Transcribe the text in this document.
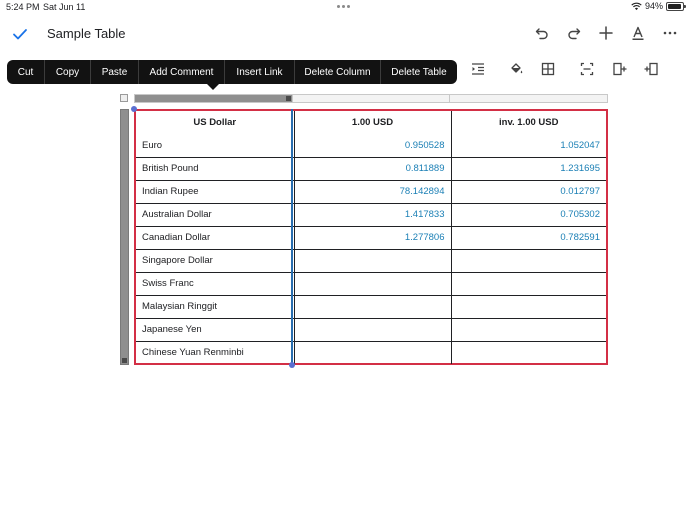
5:24 PM Sat Jun 11	94%
Sample Table
Cut	Copy	Paste	Add Comment	Insert Link	Delete Column	Delete Table
US Dollar	1.00 USD	inv. 1.00 USD
Euro	0.950528	1.052047
British Pound	0.811889	1.231695
Indian Rupee	78.142894	0.012797
Australian Dollar	1.417833	0.705302
Canadian Dollar	1.277806	0.782591
Singapore Dollar		
Swiss Franc		
Malaysian Ringgit		
Japanese Yen		
Chinese Yuan Renminbi		
